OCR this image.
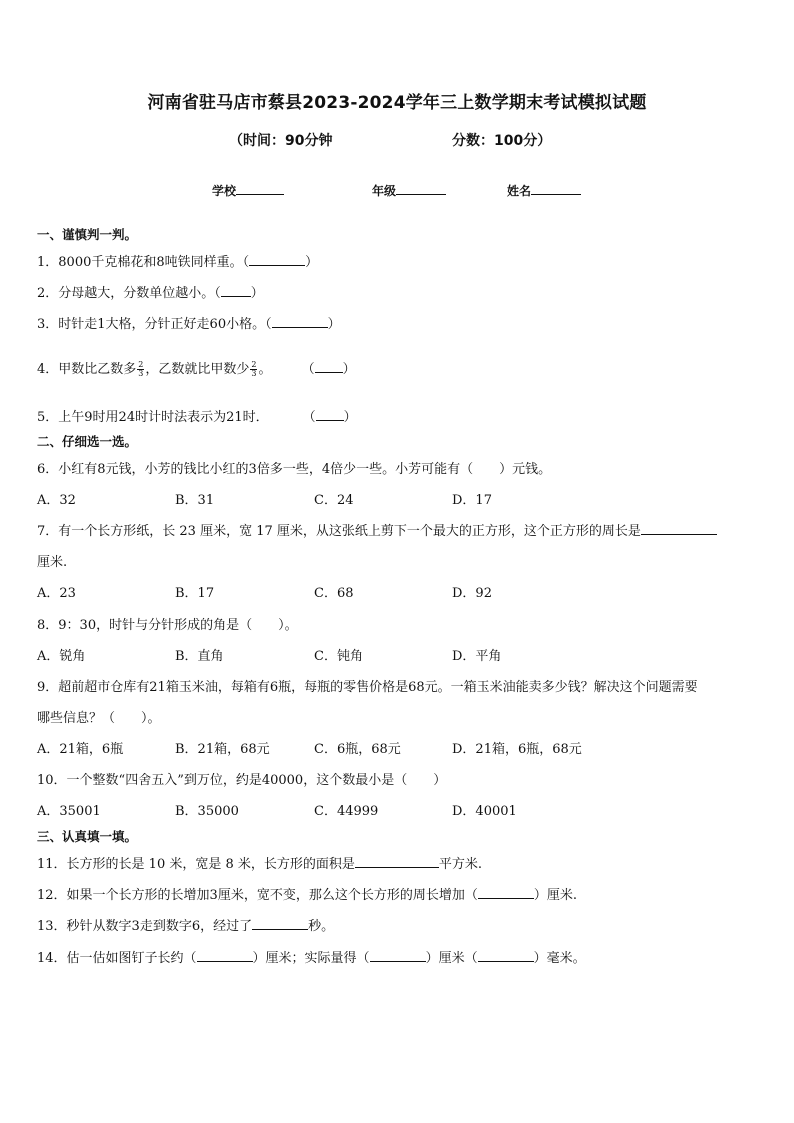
河南省驻马店市蔡县2023-2024学年三上数学期末考试模拟试题
（时间：90分钟	分数：100分）
学校	年级	姓名
一、谨慎判一判。
1．8000千克棉花和8吨铁同样重。（	）
2．分母越大，分数单位越小。（ ）
3．时针走1大格，分针正好走60小格。（	）
4．甲数比乙数多 $\frac{2}{3}$ ，乙数就比甲数少 $\frac{2}{3}$ 。 （ ）
5．上午9时用24时计时法表示为21时．	（ ）
二、仔细选一选。
6．小红有8元钱，小芳的钱比小红的3倍多一些，4倍少一些。小芳可能有（　　）元钱。
A．32	B．31	C．24	D．17
7．有一个长方形纸，长 23 厘米，宽 17 厘米，从这张纸上剪下一个最大的正方形，这个正方形的周长是
厘米.
A．23	B．17	C．68	D．92
8．9：30，时针与分针形成的角是（　　）。
A．锐角	B．直角	C．钝角	D．平角
9．超前超市仓库有21箱玉米油，每箱有6瓶，每瓶的零售价格是68元。一箱玉米油能卖多少钱？解决这个问题需要
哪些信息？（　　）。
A．21箱，6瓶	B．21箱，68元	C．6瓶，68元	D．21箱，6瓶，68元
10．一个整数“四舍五入”到万位，约是40000，这个数最小是（　　）
A．35001	B．35000	C．44999	D．40001
三、认真填一填。
11．长方形的长是 10 米，宽是 8 米，长方形的面积是	平方米.
12．如果一个长方形的长增加3厘米，宽不变，那么这个长方形的周长增加（	）厘米.
13．秒针从数字3走到数字6，经过了	秒。
14．估一估如图钉子长约（	）厘米；实际量得（	）厘米（	）毫米。
